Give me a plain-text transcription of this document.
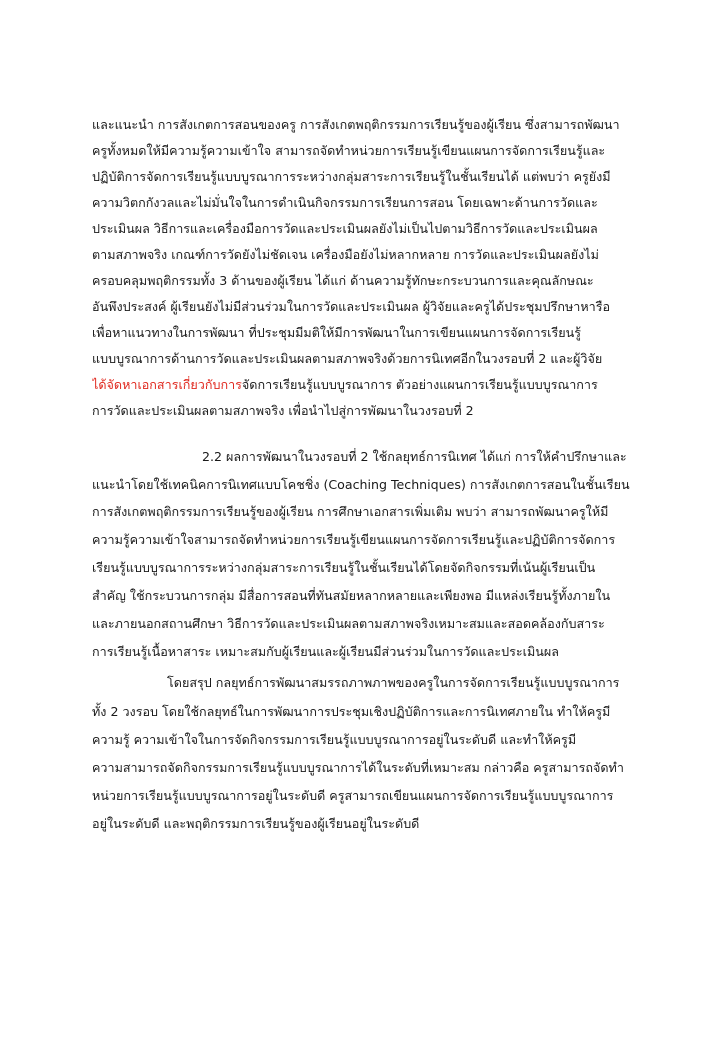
และแนะนำ การสังเกตการสอนของครู การสังเกตพฤติกรรมการเรียนรู้ของผู้เรียน ซึ่งสามารถพัฒนา
ครูทั้งหมดให้มีความรู้ความเข้าใจ สามารถจัดทำหน่วยการเรียนรู้เขียนแผนการจัดการเรียนรู้และ
ปฏิบัติการจัดการเรียนรู้แบบบูรณาการระหว่างกลุ่มสาระการเรียนรู้ในชั้นเรียนได้ แต่พบว่า ครูยังมี
ความวิตกกังวลและไม่มั่นใจในการดำเนินกิจกรรมการเรียนการสอน โดยเฉพาะด้านการวัดและ
ประเมินผล วิธีการและเครื่องมือการวัดและประเมินผลยังไม่เป็นไปตามวิธีการวัดและประเมินผล
ตามสภาพจริง เกณฑ์การวัดยังไม่ชัดเจน เครื่องมือยังไม่หลากหลาย การวัดและประเมินผลยังไม่
ครอบคลุมพฤติกรรมทั้ง 3 ด้านของผู้เรียน ได้แก่ ด้านความรู้ทักษะกระบวนการและคุณลักษณะ
อันพึงประสงค์ ผู้เรียนยังไม่มีส่วนร่วมในการวัดและประเมินผล ผู้วิจัยและครูได้ประชุมปรึกษาหารือ
เพื่อหาแนวทางในการพัฒนา ที่ประชุมมีมติให้มีการพัฒนาในการเขียนแผนการจัดการเรียนรู้
แบบบูรณาการด้านการวัดและประเมินผลตามสภาพจริงด้วยการนิเทศอีกในวงรอบที่ 2 และผู้วิจัย
ได้จัดหาเอกสารเกี่ยวกับการจัดการเรียนรู้แบบบูรณาการ ตัวอย่างแผนการเรียนรู้แบบบูรณาการ
การวัดและประเมินผลตามสภาพจริง เพื่อนำไปสู่การพัฒนาในวงรอบที่ 2
2.2 ผลการพัฒนาในวงรอบที่ 2 ใช้กลยุทธ์การนิเทศ ได้แก่ การให้คำปรึกษาและ
แนะนำโดยใช้เทคนิคการนิเทศแบบโคชชิ่ง (Coaching Techniques) การสังเกตการสอนในชั้นเรียน
การสังเกตพฤติกรรมการเรียนรู้ของผู้เรียน การศึกษาเอกสารเพิ่มเติม พบว่า สามารถพัฒนาครูให้มี
ความรู้ความเข้าใจสามารถจัดทำหน่วยการเรียนรู้เขียนแผนการจัดการเรียนรู้และปฏิบัติการจัดการ
เรียนรู้แบบบูรณาการระหว่างกลุ่มสาระการเรียนรู้ในชั้นเรียนได้โดยจัดกิจกรรมที่เน้นผู้เรียนเป็น
สำคัญ ใช้กระบวนการกลุ่ม มีสื่อการสอนที่ทันสมัยหลากหลายและเพียงพอ มีแหล่งเรียนรู้ทั้งภายใน
และภายนอกสถานศึกษา วิธีการวัดและประเมินผลตามสภาพจริงเหมาะสมและสอดคล้องกับสาระ
การเรียนรู้เนื้อหาสาระ เหมาะสมกับผู้เรียนและผู้เรียนมีส่วนร่วมในการวัดและประเมินผล
โดยสรุป กลยุทธ์การพัฒนาสมรรถภาพภาพของครูในการจัดการเรียนรู้แบบบูรณาการ
ทั้ง 2 วงรอบ โดยใช้กลยุทธ์ในการพัฒนาการประชุมเชิงปฏิบัติการและการนิเทศภายใน ทำให้ครูมี
ความรู้ ความเข้าใจในการจัดกิจกรรมการเรียนรู้แบบบูรณาการอยู่ในระดับดี และทำให้ครูมี
ความสามารถจัดกิจกรรมการเรียนรู้แบบบูรณาการได้ในระดับที่เหมาะสม กล่าวคือ ครูสามารถจัดทำ
หน่วยการเรียนรู้แบบบูรณาการอยู่ในระดับดี ครูสามารถเขียนแผนการจัดการเรียนรู้แบบบูรณาการ
อยู่ในระดับดี และพฤติกรรมการเรียนรู้ของผู้เรียนอยู่ในระดับดี
